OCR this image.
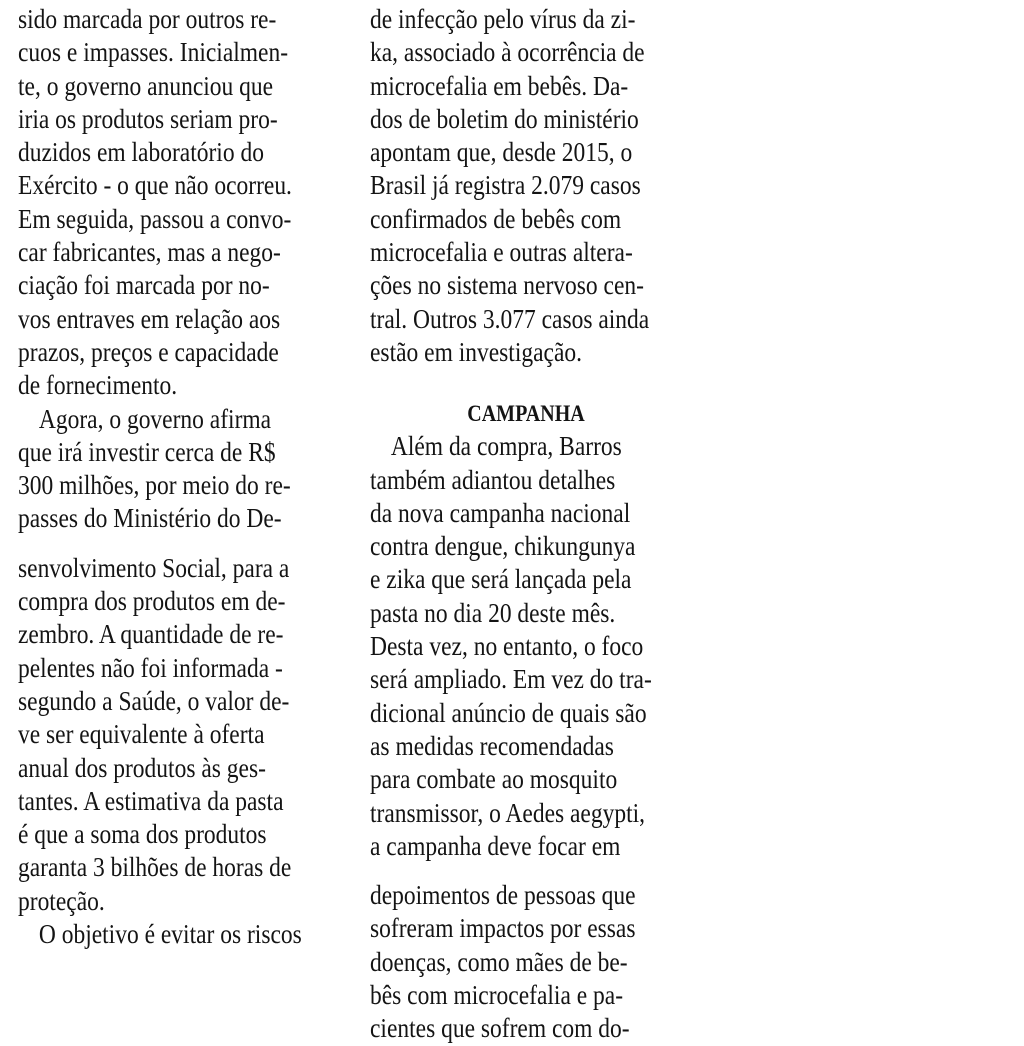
sido marcada por outros re-
cuos e impasses. Inicialmen-
te, o governo anunciou que
iria os produtos seriam pro-
duzidos em laboratório do
Exército - o que não ocorreu.
Em seguida, passou a convo-
car fabricantes, mas a nego-
ciação foi marcada por no-
vos entraves em relação aos
prazos, preços e capacidade
de fornecimento.
Agora, o governo afirma
que irá investir cerca de R$
300 milhões, por meio do re-
passes do Ministério do De-
senvolvimento Social, para a
compra dos produtos em de-
zembro. A quantidade de re-
pelentes não foi informada -
segundo a Saúde, o valor de-
ve ser equivalente à oferta
anual dos produtos às ges-
tantes. A estimativa da pasta
é que a soma dos produtos
garanta 3 bilhões de horas de
proteção.
O objetivo é evitar os riscos
de infecção pelo vírus da zi-
ka, associado à ocorrência de
microcefalia em bebês. Da-
dos de boletim do ministério
apontam que, desde 2015, o
Brasil já registra 2.079 casos
confirmados de bebês com
microcefalia e outras altera-
ções no sistema nervoso cen-
tral. Outros 3.077 casos ainda
estão em investigação.
CAMPANHA
Além da compra, Barros
também adiantou detalhes
da nova campanha nacional
contra dengue, chikungunya
e zika que será lançada pela
pasta no dia 20 deste mês.
Desta vez, no entanto, o foco
será ampliado. Em vez do tra-
dicional anúncio de quais são
as medidas recomendadas
para combate ao mosquito
transmissor, o Aedes aegypti,
a campanha deve focar em
depoimentos de pessoas que
sofreram impactos por essas
doenças, como mães de be-
bês com microcefalia e pa-
cientes que sofrem com do-
